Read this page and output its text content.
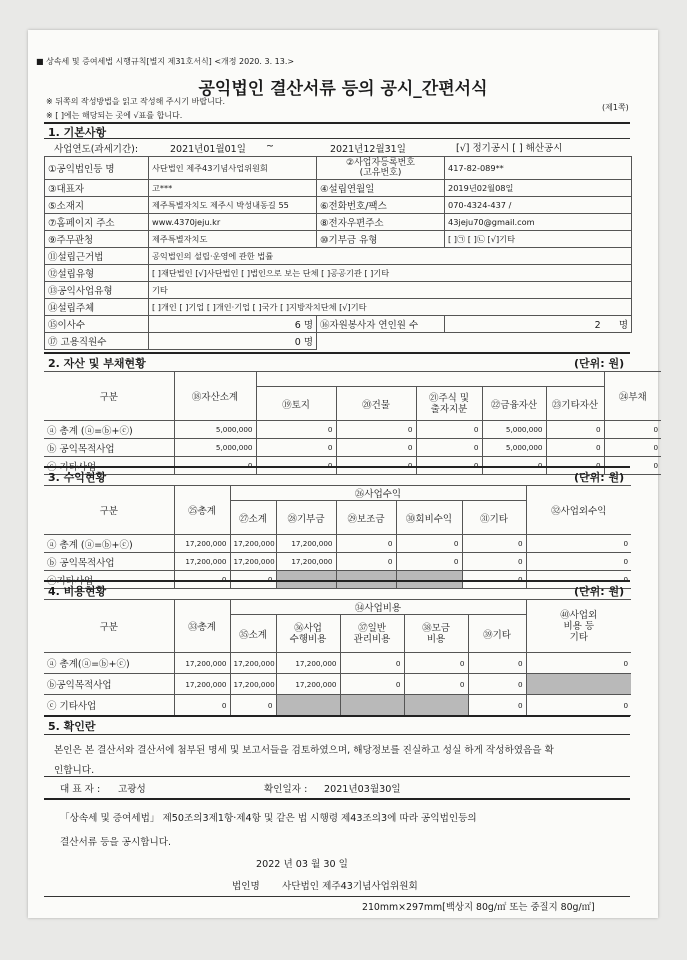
■ 상속세 및 증여세법 시행규칙[별지 제31호서식] <개정 2020. 3. 13.>
공익법인 결산서류 등의 공시_간편서식
※ 뒤쪽의 작성방법을 읽고 작성해 주시기 바랍니다.
※ [ ]에는 해당되는 곳에 √표를 합니다.
(제1쪽)
1. 기본사항
사업연도(과세기간):	2021년01월01일 ~	2021년12월31일	[√] 정기공시 [ ] 해산공시
①공익법인등 명	사단법인 제주43기념사업위원회	②사업자등록번호
(고유번호)	417-82-089**
③대표자	고***	④설립연월일	2019년02월08일
⑤소재지	제주특별자치도 제주시 박성내동길 55	⑥전화번호/팩스	070-4324-437 /
⑦홈페이지 주소	www.4370jeju.kr	⑧전자우편주소	43jeju70@gmail.com
⑨주무관청	제주특별자치도	⑩기부금 유형	[ ]㉠ [ ]㉡ [√]기타
⑪설립근거법	공익법인의 설립·운영에 관한 법률		
⑫설립유형	[ ]재단법인 [√]사단법인 [ ]법인으로 보는 단체 [ ]공공기관 [ ]기타		
⑬공익사업유형	기타		
⑭설립주체	[ ]개인 [ ]기업 [ ]개인·기업 [ ]국가 [ ]지방자치단체 [√]기타		
⑮이사수	6 명	⑯자원봉사자 연인원 수	2 명
⑰ 고용직원수	0 명		
2. 자산 및 부채현황	(단위: 원)
구분	⑱자산소계						㉔부채
		⑲토지	⑳건물	㉑주식 및
출자지분	㉒금융자산	㉓기타자산	
ⓐ 총계 (ⓐ=ⓑ+ⓒ)	5,000,000	0	0	0	5,000,000	0	0
ⓑ 공익목적사업	5,000,000	0	0	0	5,000,000	0	0
ⓒ 기타사업	0	0	0	0	0	0	0
3. 수익현황	(단위: 원)
구분	㉕총계	㉖사업수익					㉜사업외수익
		㉗소계	㉘기부금	㉙보조금	㉚회비수익	㉛기타	
ⓐ 총계 (ⓐ=ⓑ+ⓒ)	17,200,000	17,200,000	17,200,000	0	0	0	0
ⓑ 공익목적사업	17,200,000	17,200,000	17,200,000	0	0	0	0
ⓒ기타사업	0	0				0	0
4. 비용현황	(단위: 원)
구분	㉝총계	㉞사업비용					㊵사업외
비용 등
기타
		㉟소계	㊱사업
수행비용	㊲일반
관리비용	㊳모금
비용	㊴기타	
ⓐ 총계(ⓐ=ⓑ+ⓒ)	17,200,000	17,200,000	17,200,000	0	0	0	0
ⓑ공익목적사업	17,200,000	17,200,000	17,200,000	0	0	0	
ⓒ 기타사업	0	0				0	0
5. 확인란
본인은 본 결산서와 결산서에 첨부된 명세 및 보고서들을 검토하였으며, 해당정보를 진실하고 성실 하게 작성하였음을 확
인합니다.
대 표 자 : 고광성	확인일자 : 2021년03월30일
「상속세 및 증여세법」 제50조의3제1항·제4항 및 같은 법 시행령 제43조의3에 따라 공익법인등의
결산서류 등을 공시합니다.
2022 년 03 월 30 일
법인명 사단법인 제주43기념사업위원회
210mm×297mm[백상지 80g/㎡ 또는 중질지 80g/㎡]
